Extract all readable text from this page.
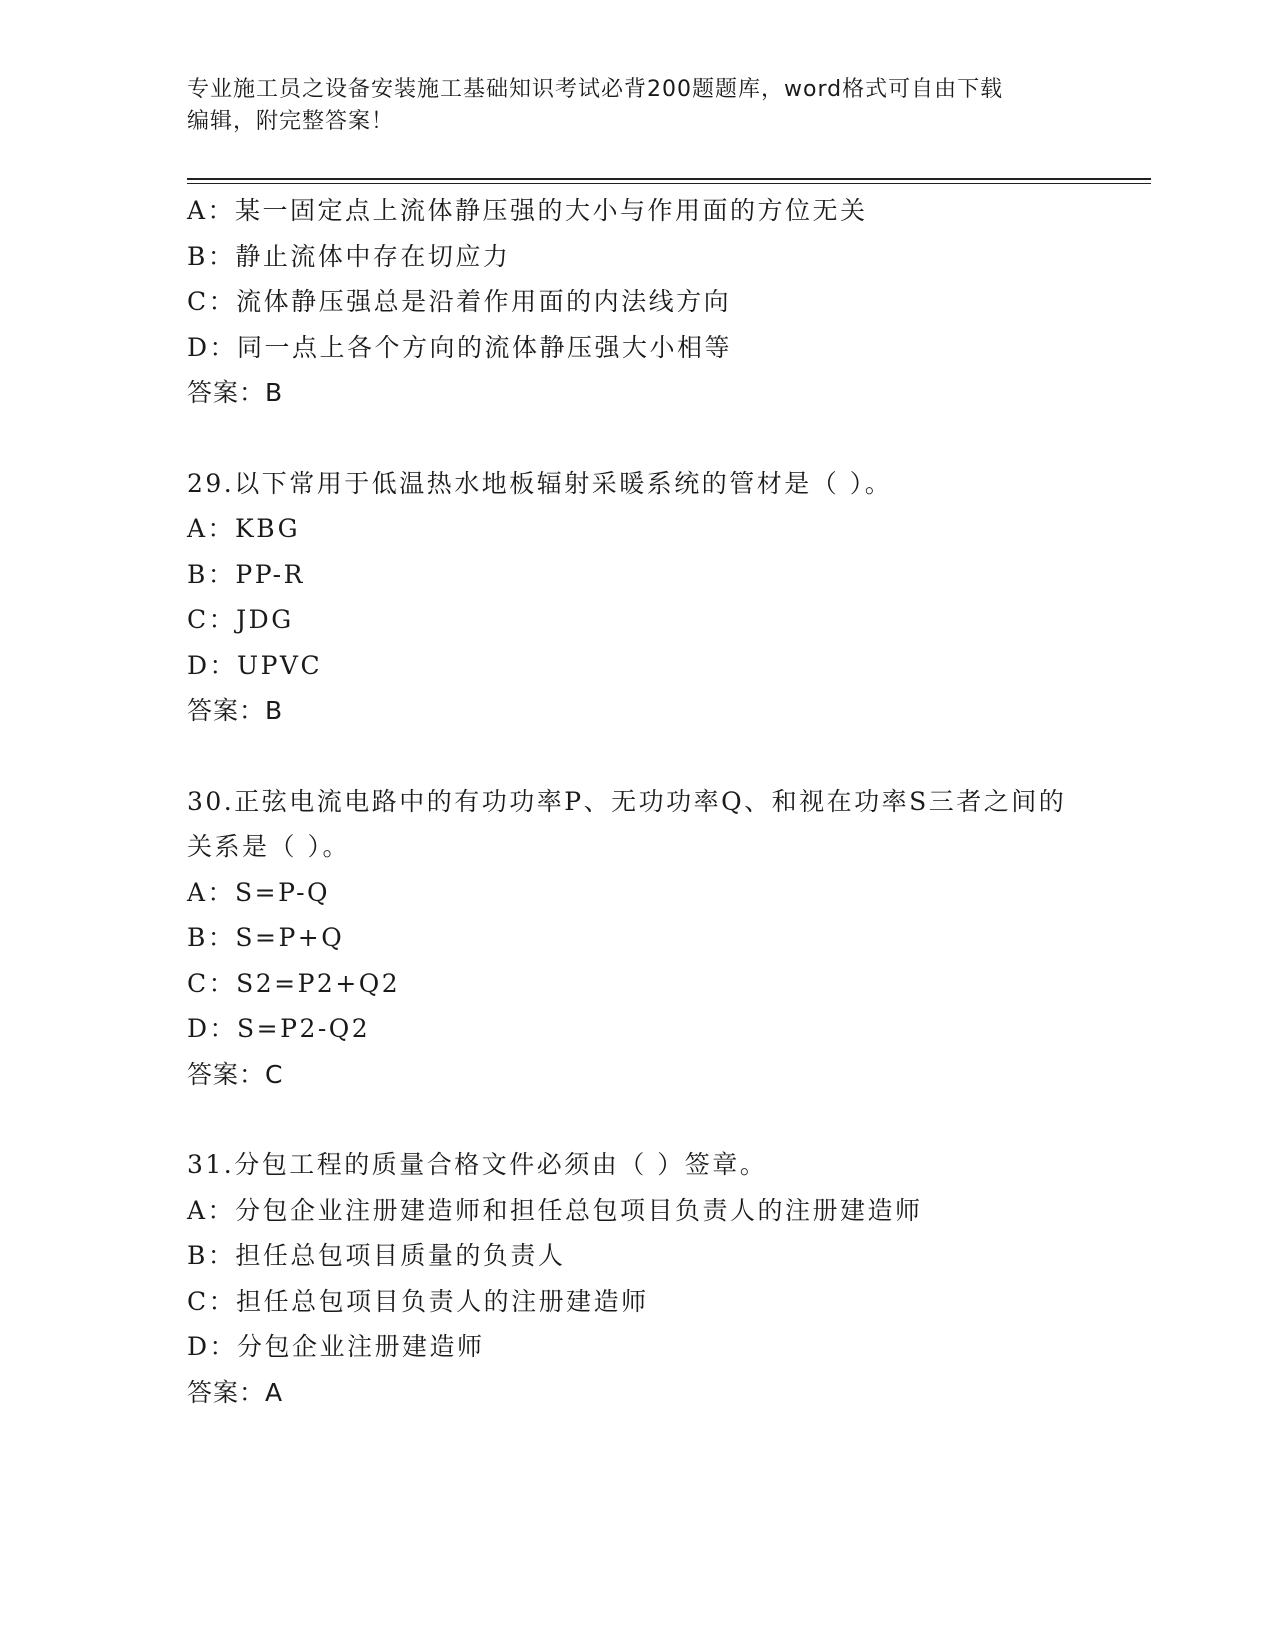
专业施工员之设备安装施工基础知识考试必背200题题库，word格式可自由下载
编辑，附完整答案！
A：某一固定点上流体静压强的大小与作用面的方位无关
B：静止流体中存在切应力
C：流体静压强总是沿着作用面的内法线方向
D：同一点上各个方向的流体静压强大小相等
答案：B
29.以下常用于低温热水地板辐射采暖系统的管材是（ ）。
A：KBG
B：PP-R
C：JDG
D：UPVC
答案：B
30.正弦电流电路中的有功功率P、无功功率Q、和视在功率S三者之间的关系是（ ）。
A：S=P-Q
B：S=P+Q
C：S2=P2+Q2
D：S=P2-Q2
答案：C
31.分包工程的质量合格文件必须由（ ）签章。
A：分包企业注册建造师和担任总包项目负责人的注册建造师
B：担任总包项目质量的负责人
C：担任总包项目负责人的注册建造师
D：分包企业注册建造师
答案：A
